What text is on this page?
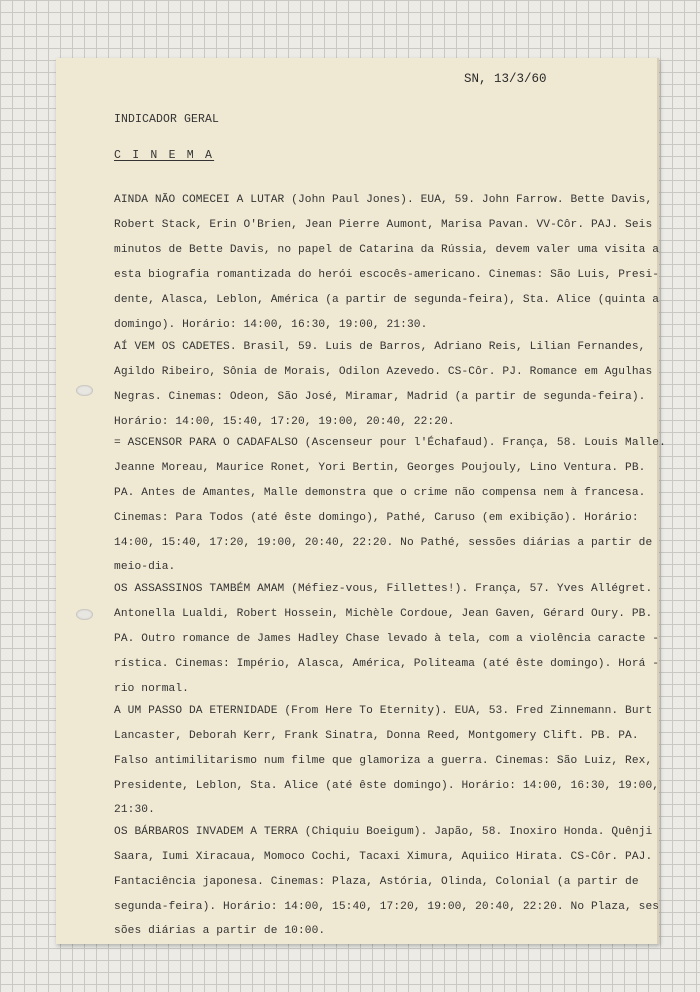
SN, 13/3/60
INDICADOR GERAL
C I N E M A
AINDA NÃO COMECEI A LUTAR (John Paul Jones). EUA, 59. John Farrow. Bette Davis,
Robert Stack, Erin O'Brien, Jean Pierre Aumont, Marisa Pavan. VV-Côr. PAJ. Seis
minutos de Bette Davis, no papel de Catarina da Rússia, devem valer uma visita a
esta biografia romantizada do herói escocês-americano. Cinemas: São Luis, Presi-
dente, Alasca, Leblon, América (a partir de segunda-feira), Sta. Alice (quinta a
domingo). Horário: 14:00, 16:30, 19:00, 21:30.
AÍ VEM OS CADETES. Brasil, 59. Luis de Barros, Adriano Reis, Lilian Fernandes,
Agildo Ribeiro, Sônia de Morais, Odilon Azevedo. CS-Côr. PJ. Romance em Agulhas
Negras. Cinemas: Odeon, São José, Miramar, Madrid (a partir de segunda-feira).
Horário: 14:00, 15:40, 17:20, 19:00, 20:40, 22:20.
= ASCENSOR PARA O CADAFALSO (Ascenseur pour l'Échafaud). França, 58. Louis Malle.
Jeanne Moreau, Maurice Ronet, Yori Bertin, Georges Poujouly, Lino Ventura. PB.
PA. Antes de Amantes, Malle demonstra que o crime não compensa nem à francesa.
Cinemas: Para Todos (até êste domingo), Pathé, Caruso (em exibição). Horário:
14:00, 15:40, 17:20, 19:00, 20:40, 22:20. No Pathé, sessões diárias a partir de
meio-dia.
OS ASSASSINOS TAMBÉM AMAM (Méfiez-vous, Fillettes!). França, 57. Yves Allégret.
Antonella Lualdi, Robert Hossein, Michèle Cordoue, Jean Gaven, Gérard Oury. PB.
PA. Outro romance de James Hadley Chase levado à tela, com a violência caracte -
rística. Cinemas: Império, Alasca, América, Politeama (até êste domingo). Horá -
rio normal.
A UM PASSO DA ETERNIDADE (From Here To Eternity). EUA, 53. Fred Zinnemann. Burt
Lancaster, Deborah Kerr, Frank Sinatra, Donna Reed, Montgomery Clift. PB. PA.
Falso antimilitarismo num filme que glamoriza a guerra. Cinemas: São Luiz, Rex,
Presidente, Leblon, Sta. Alice (até êste domingo). Horário: 14:00, 16:30, 19:00,
21:30.
OS BÁRBAROS INVADEM A TERRA (Chiquiu Boeigum). Japão, 58. Inoxiro Honda. Quênji
Saara, Iumi Xiracaua, Momoco Cochi, Tacaxi Ximura, Aquiico Hirata. CS-Côr. PAJ.
Fantaciência japonesa. Cinemas: Plaza, Astória, Olinda, Colonial (a partir de
segunda-feira). Horário: 14:00, 15:40, 17:20, 19:00, 20:40, 22:20. No Plaza, ses
sões diárias a partir de 10:00.
